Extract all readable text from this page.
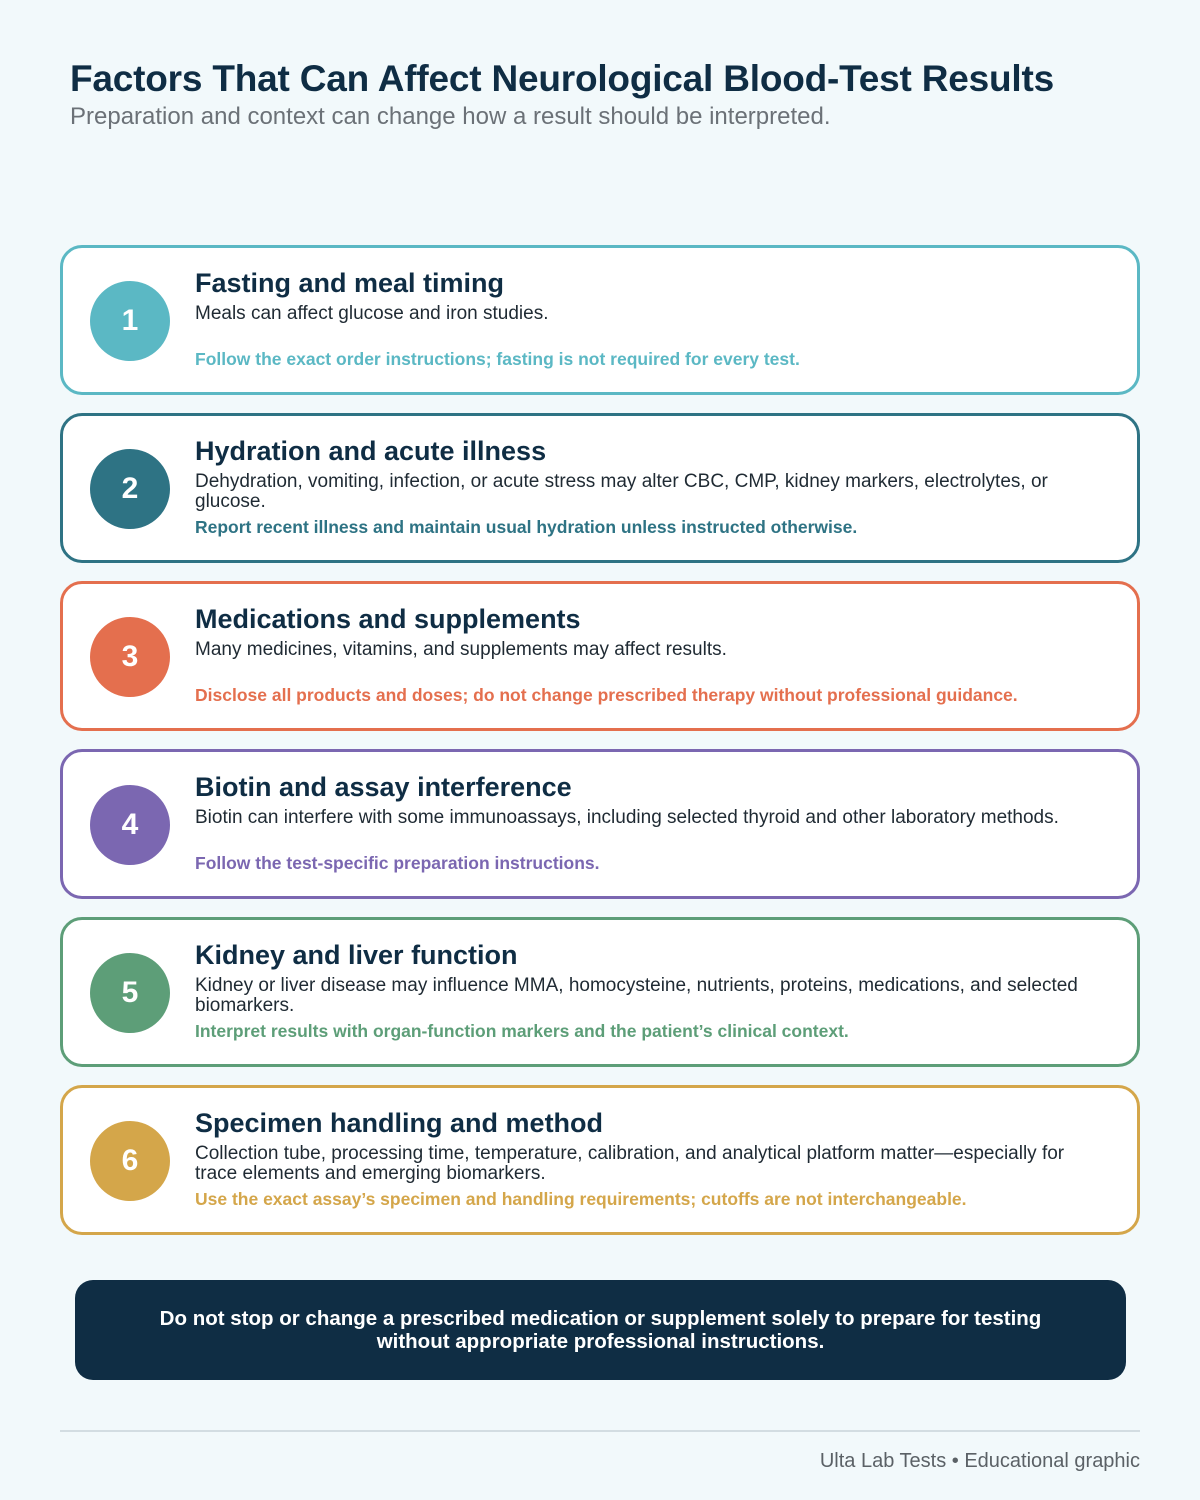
Factors That Can Affect Neurological Blood-Test Results

Preparation and context can change how a result should be interpreted.

1
Fasting and meal timing

Meals can affect glucose and iron studies.

Follow the exact order instructions; fasting is not required for every test.

2
Hydration and acute illness

Dehydration, vomiting, infection, or acute stress may alter CBC, CMP, kidney markers, electrolytes, or glucose.

Report recent illness and maintain usual hydration unless instructed otherwise.

3
Medications and supplements

Many medicines, vitamins, and supplements may affect results.

Disclose all products and doses; do not change prescribed therapy without professional guidance.

4
Biotin and assay interference

Biotin can interfere with some immunoassays, including selected thyroid and other laboratory methods.

Follow the test-specific preparation instructions.

5
Kidney and liver function

Kidney or liver disease may influence MMA, homocysteine, nutrients, proteins, medications, and selected biomarkers.

Interpret results with organ-function markers and the patient’s clinical context.

6
Specimen handling and method

Collection tube, processing time, temperature, calibration, and analytical platform matter—especially for trace elements and emerging biomarkers.

Use the exact assay’s specimen and handling requirements; cutoffs are not interchangeable.

Do not stop or change a prescribed medication or supplement solely to prepare for testing without appropriate professional instructions.
Ulta Lab Tests • Educational graphic
